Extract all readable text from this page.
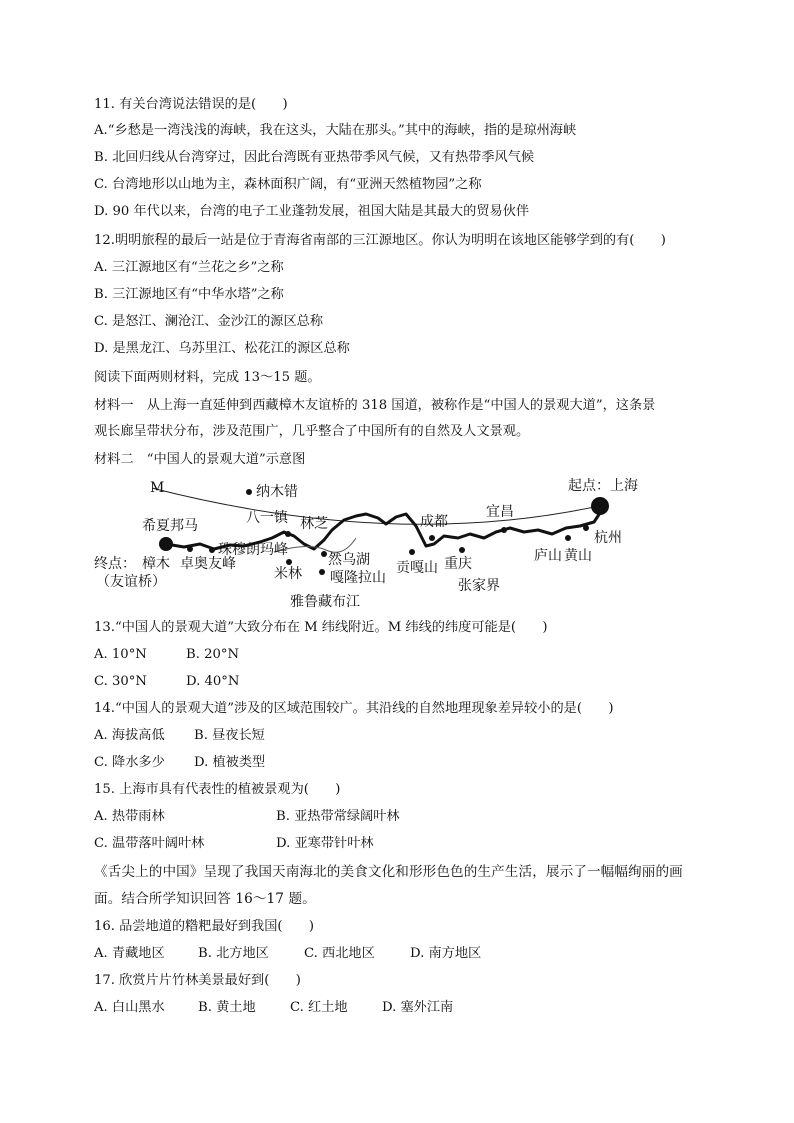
11. 有关台湾说法错误的是(　　)
A.“乡愁是一湾浅浅的海峡，我在这头，大陆在那头。”其中的海峡，指的是琼州海峡
B. 北回归线从台湾穿过，因此台湾既有亚热带季风气候，又有热带季风气候
C. 台湾地形以山地为主，森林面积广阔，有“亚洲天然植物园”之称
D. 90 年代以来，台湾的电子工业蓬勃发展，祖国大陆是其最大的贸易伙伴
12.明明旅程的最后一站是位于青海省南部的三江源地区。你认为明明在该地区能够学到的有(　　)
A. 三江源地区有“兰花之乡”之称
B. 三江源地区有“中华水塔”之称
C. 是怒江、澜沧江、金沙江的源区总称
D. 是黑龙江、乌苏里江、松花江的源区总称
阅读下面两则材料，完成 13～15 题。
材料一　从上海一直延伸到西藏樟木友谊桥的 318 国道，被称作是“中国人的景观大道”，这条景
观长廊呈带状分布，涉及范围广，几乎整合了中国所有的自然及人文景观。
材料二　“中国人的景观大道”示意图
M	纳木错	起点：上海
希夏邦马	八一镇 林芝	成都
宜昌
终点： 樟木
（友谊桥）
卓奥友峰
珠穆朗玛峰
米林
然乌湖
嘎隆拉山
雅鲁藏布江
贡嘎山 重庆
张家界
庐山 黄山
杭州
13.“中国人的景观大道”大致分布在 M 纬线附近。M 纬线的纬度可能是(　　)
A. 10°N	B. 20°N
C. 30°N	D. 40°N
14.“中国人的景观大道”涉及的区域范围较广。其沿线的自然地理现象差异较小的是(　　)
A. 海拔高低 B. 昼夜长短
C. 降水多少 D. 植被类型
15. 上海市具有代表性的植被景观为(　　)
A. 热带雨林	B. 亚热带常绿阔叶林
C. 温带落叶阔叶林	D. 亚寒带针叶林
《舌尖上的中国》呈现了我国天南海北的美食文化和形形色色的生产生活，展示了一幅幅绚丽的画
面。结合所学知识回答 16～17 题。
16. 品尝地道的糌粑最好到我国(　　)
A. 青藏地区	B. 北方地区	C. 西北地区	D. 南方地区
17. 欣赏片片竹林美景最好到(　　)
A. 白山黑水	B. 黄土地	C. 红土地	D. 塞外江南
